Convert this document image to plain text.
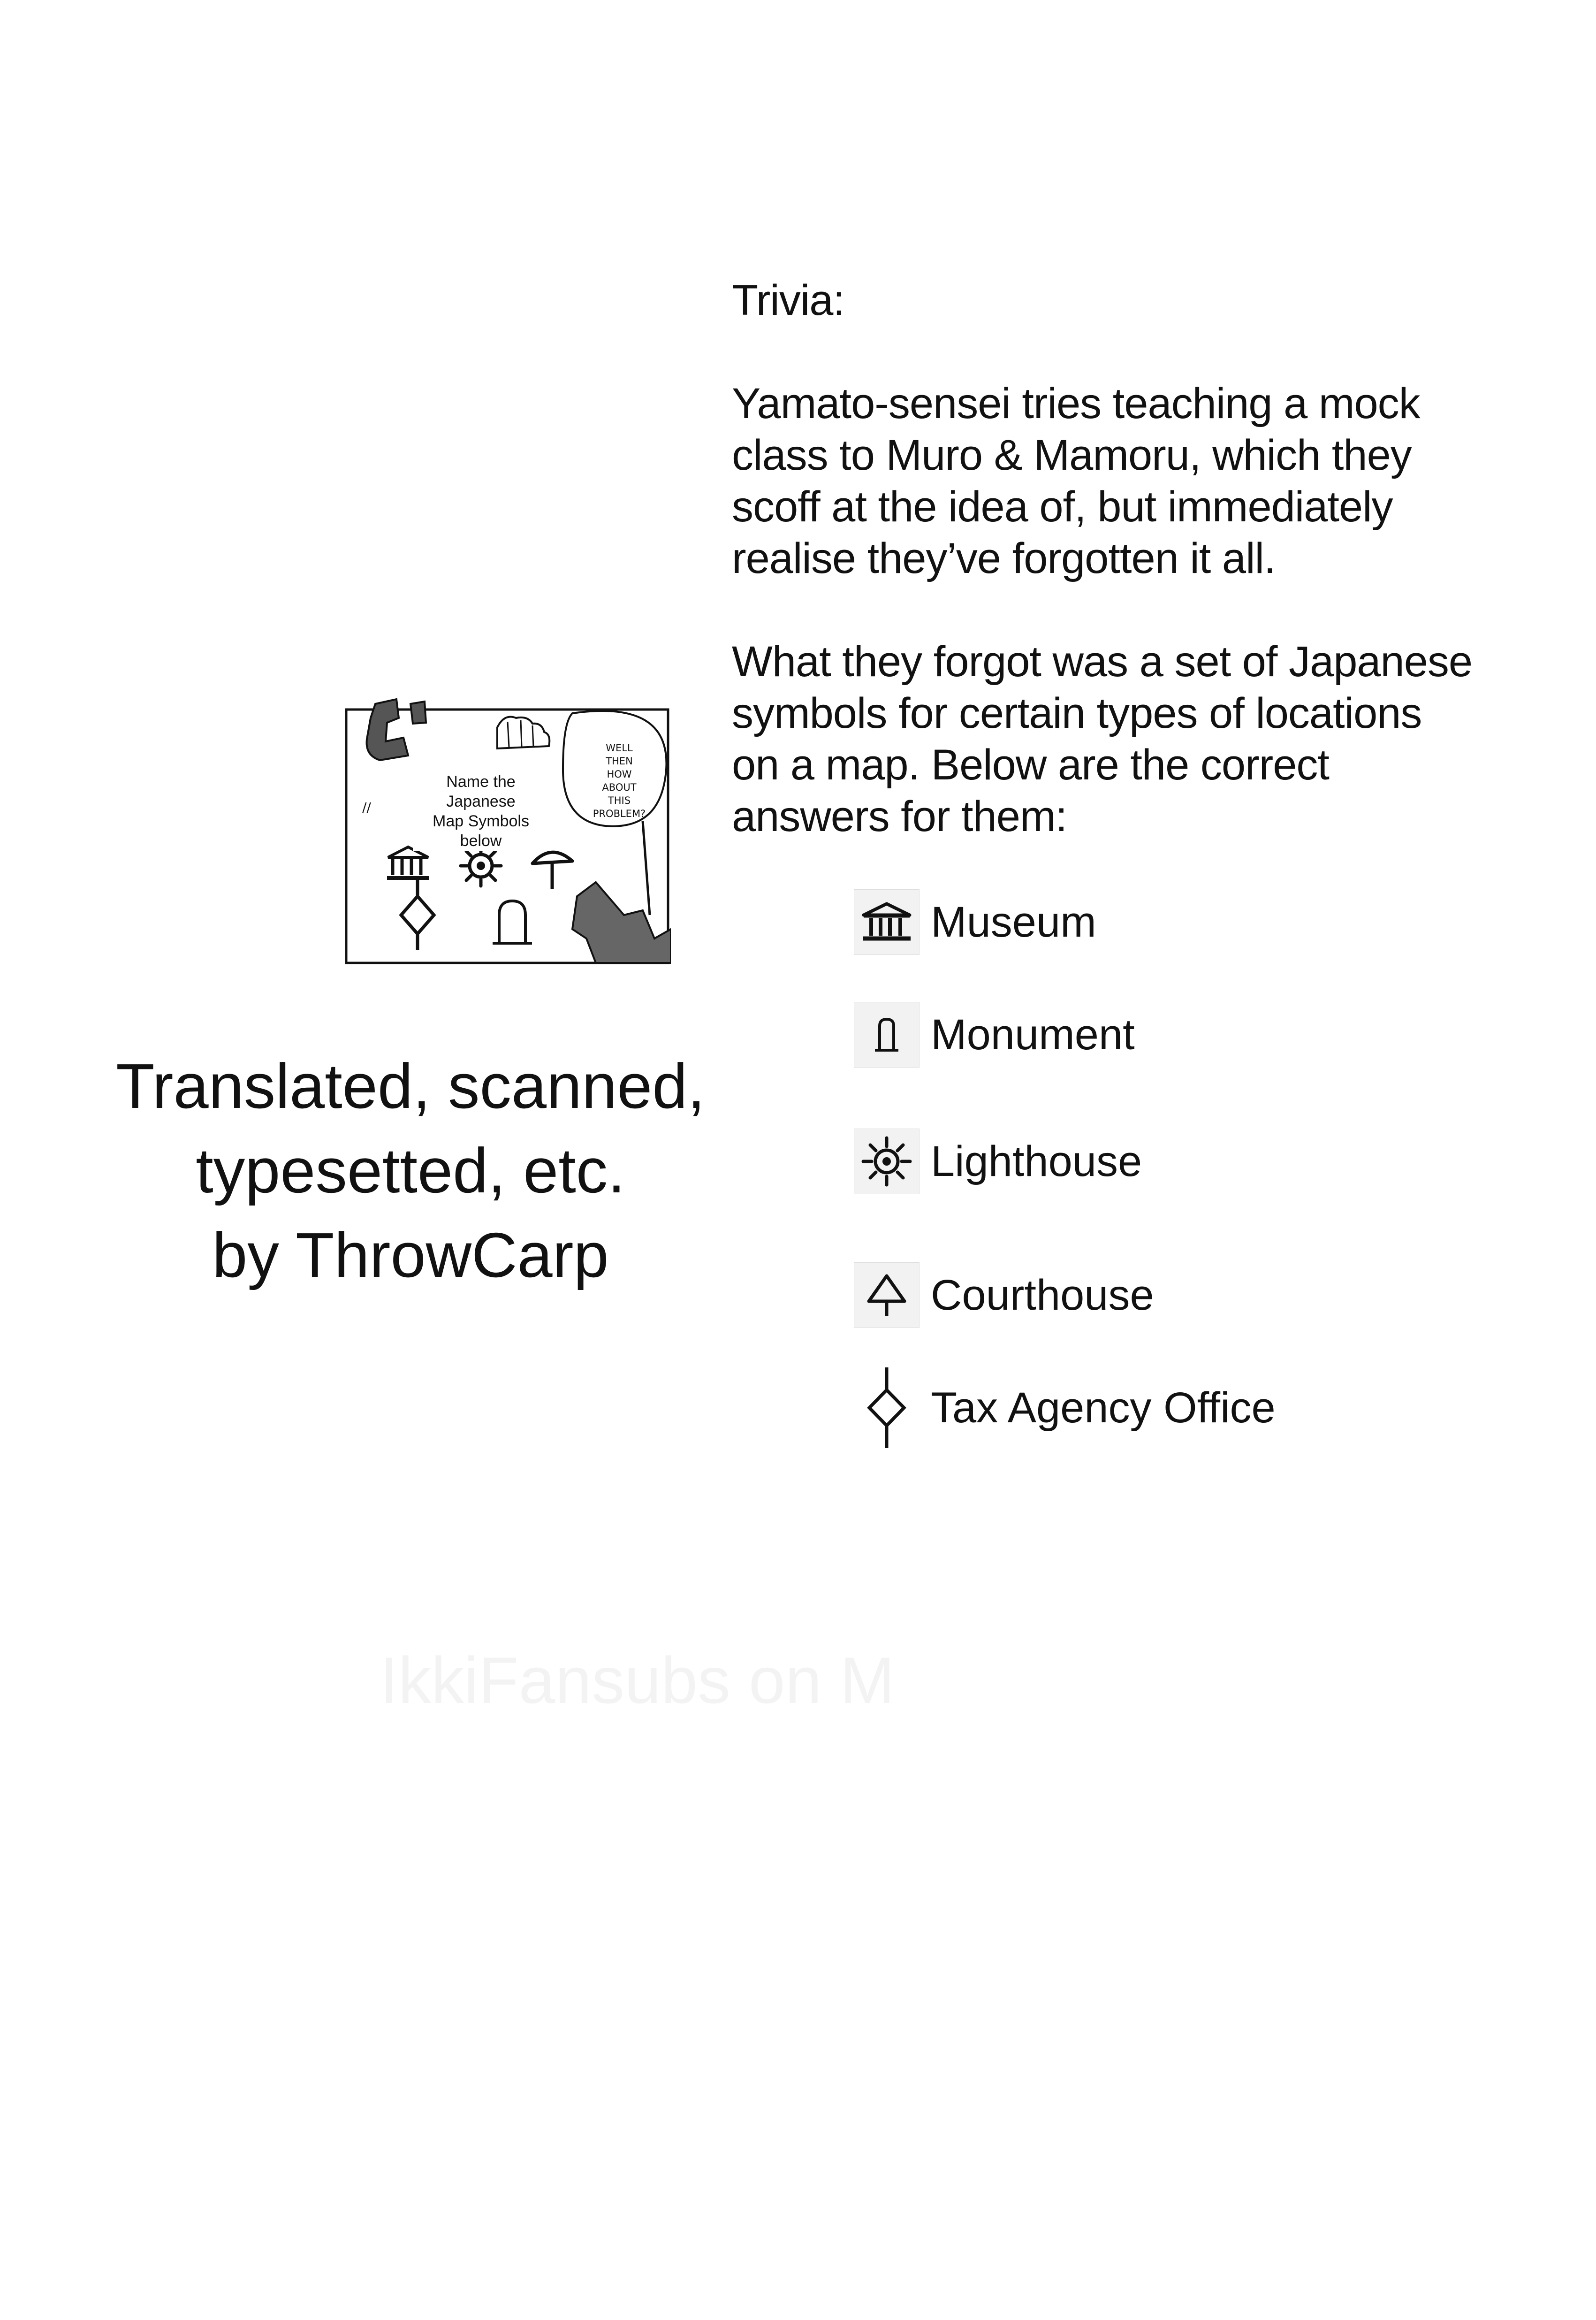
Trivia:

Yamato-sensei tries teaching a mock

class to Muro & Mamoru, which they

scoff at the idea of, but immediately

realise they’ve forgotten it all.

What they forgot was a set of Japanese

symbols for certain types of locations

on a map. Below are the correct

answers for them:

Museum
Monument
Lighthouse
Courthouse
Tax Agency Office
//
Name the Japanese
Map Symbols below
WELL
THEN
HOW
ABOUT
THIS
PROBLEM?
Translated, scanned,
typesetted, etc.
by ThrowCarp
IkkiFansubs on M
